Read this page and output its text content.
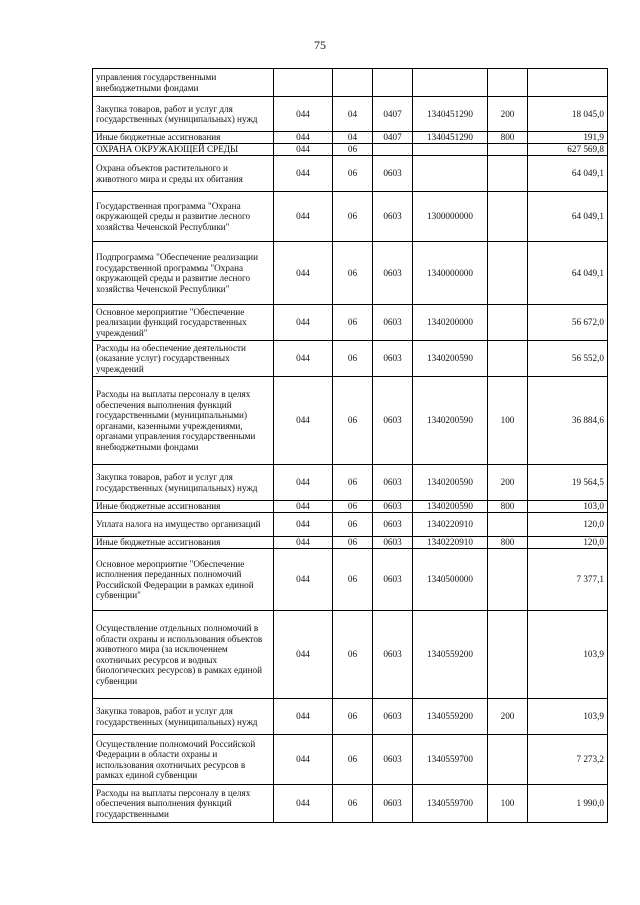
75
управления государственными внебюджетными фондами						
Закупка товаров, работ и услуг для государственных (муниципальных) нужд	044	04	0407	1340451290	200	18 045,0
Иные бюджетные ассигнования	044	04	0407	1340451290	800	191,9
ОХРАНА ОКРУЖАЮЩЕЙ СРЕДЫ	044	06				627 569,8
Охрана объектов растительного и животного мира и среды их обитания	044	06	0603			64 049,1
Государственная программа "Охрана окружающей среды и развитие лесного хозяйства Чеченской Республики"	044	06	0603	1300000000		64 049,1
Подпрограмма "Обеспечение реализации государственной программы "Охрана окружающей среды и развитие лесного хозяйства Чеченской Республики"	044	06	0603	1340000000		64 049,1
Основное мероприятие "Обеспечение реализации функций государственных учреждений"	044	06	0603	1340200000		56 672,0
Расходы на обеспечение деятельности (оказание услуг) государственных учреждений	044	06	0603	1340200590		56 552,0
Расходы на выплаты персоналу в целях обеспечения выполнения функций государственными (муниципальными) органами, казенными учреждениями, органами управления государственными внебюджетными фондами	044	06	0603	1340200590	100	36 884,6
Закупка товаров, работ и услуг для государственных (муниципальных) нужд	044	06	0603	1340200590	200	19 564,5
Иные бюджетные ассигнования	044	06	0603	1340200590	800	103,0
Уплата налога на имущество организаций	044	06	0603	1340220910		120,0
Иные бюджетные ассигнования	044	06	0603	1340220910	800	120,0
Основное мероприятие "Обеспечение исполнения переданных полномочий Российской Федерации в рамках единой субвенции"	044	06	0603	1340500000		7 377,1
Осуществление отдельных полномочий в области охраны и использования объектов животного мира (за исключением охотничьих ресурсов и водных биологических ресурсов) в рамках единой субвенции	044	06	0603	1340559200		103,9
Закупка товаров, работ и услуг для государственных (муниципальных) нужд	044	06	0603	1340559200	200	103,9
Осуществление полномочий Российской Федерации в области охраны и использования охотничьих ресурсов в рамках единой субвенции	044	06	0603	1340559700		7 273,2
Расходы на выплаты персоналу в целях обеспечения выполнения функций государственными	044	06	0603	1340559700	100	1 990,0
